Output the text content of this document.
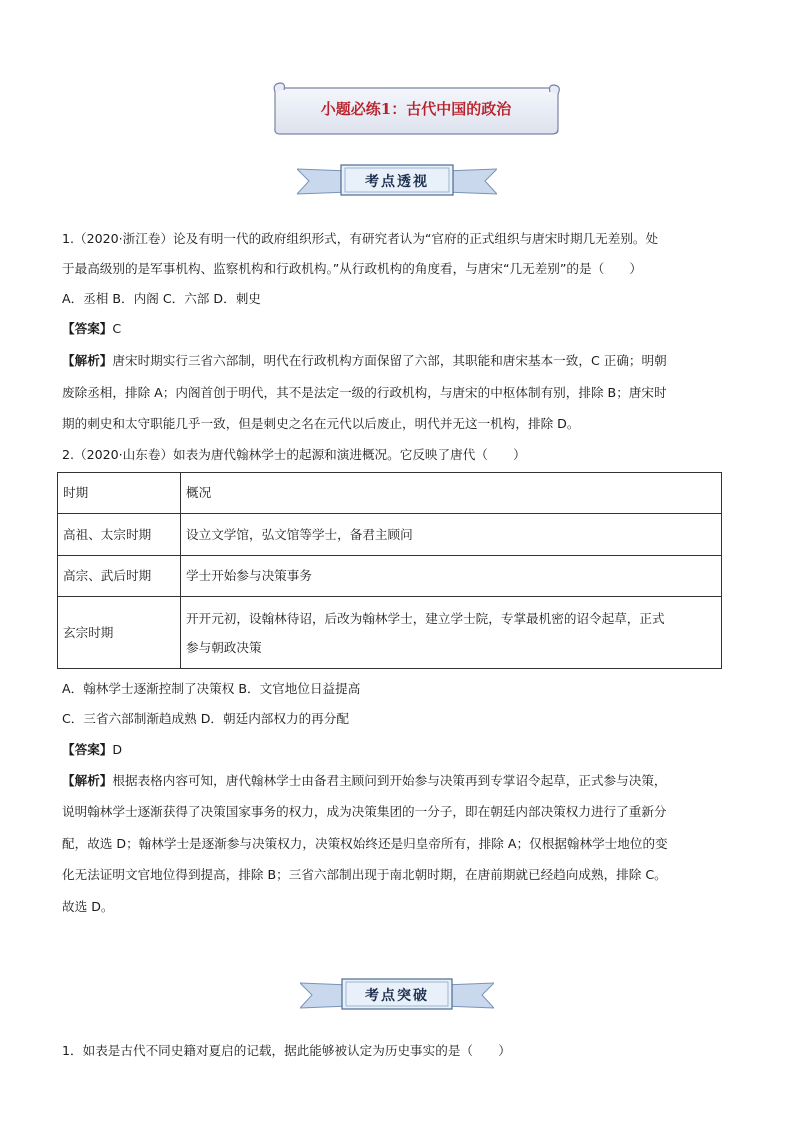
小题必练1：古代中国的政治
考点透视

1.（2020·浙江卷）论及有明一代的政府组织形式，有研究者认为“官府的正式组织与唐宋时期几无差别。处

于最高级别的是军事机构、监察机构和行政机构。”从行政机构的角度看，与唐宋“几无差别”的是（　　）

A．丞相 B．内阁 C．六部 D．刺史

【答案】C

【解析】唐宋时期实行三省六部制，明代在行政机构方面保留了六部，其职能和唐宋基本一致，C 正确；明朝

废除丞相，排除 A；内阁首创于明代，其不是法定一级的行政机构，与唐宋的中枢体制有别，排除 B；唐宋时

期的刺史和太守职能几乎一致，但是刺史之名在元代以后废止，明代并无这一机构，排除 D。

2.（2020·山东卷）如表为唐代翰林学士的起源和演进概况。它反映了唐代（　　）

时期	概况
高祖、太宗时期	设立文学馆，弘文馆等学士，备君主顾问
高宗、武后时期	学士开始参与决策事务
玄宗时期	开开元初，设翰林待诏，后改为翰林学士，建立学士院，专掌最机密的诏令起草，正式
参与朝政决策

A．翰林学士逐渐控制了决策权 B．文官地位日益提高

C．三省六部制渐趋成熟 D．朝廷内部权力的再分配

【答案】D

【解析】根据表格内容可知，唐代翰林学士由备君主顾问到开始参与决策再到专掌诏令起草，正式参与决策，

说明翰林学士逐渐获得了决策国家事务的权力，成为决策集团的一分子，即在朝廷内部决策权力进行了重新分

配，故选 D；翰林学士是逐渐参与决策权力，决策权始终还是归皇帝所有，排除 A；仅根据翰林学士地位的变

化无法证明文官地位得到提高，排除 B；三省六部制出现于南北朝时期，在唐前期就已经趋向成熟，排除 C。

故选 D。

考点突破

1．如表是古代不同史籍对夏启的记载，据此能够被认定为历史事实的是（　　）
